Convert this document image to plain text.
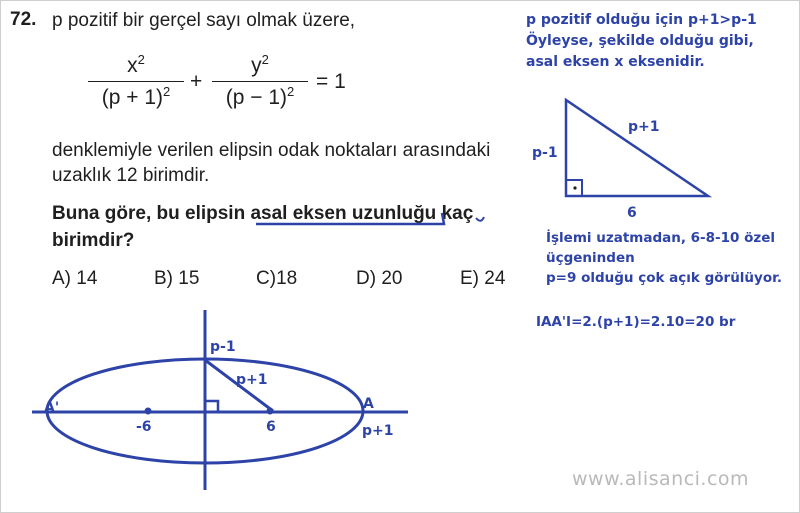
72. p pozitif bir gerçel sayı olmak üzere,
$x^2$
$(p + 1)^2$ +
$y^2$
$(p - 1)^2$	= 1
denklemiyle verilen elipsin odak noktaları arasındaki
uzaklık 12 birimdir.
Buna göre, bu elipsin asal eksen uzunluğu kaç
birimdir?
A) 14	B) 15	C)18	D) 20	E) 24
p pozitif olduğu için p+1>p-1
Öyleyse, şekilde olduğu gibi,
asal eksen x eksenidir.
p-1
p+1
6
İşlemi uzatmadan, 6-8-10 özel
üçgeninden
p=9 olduğu çok açık görülüyor.
IAA'I=2.(p+1)=2.10=20 br
p-1
p+1
A'	A
-6	6	p+1
www.alisanci.com
